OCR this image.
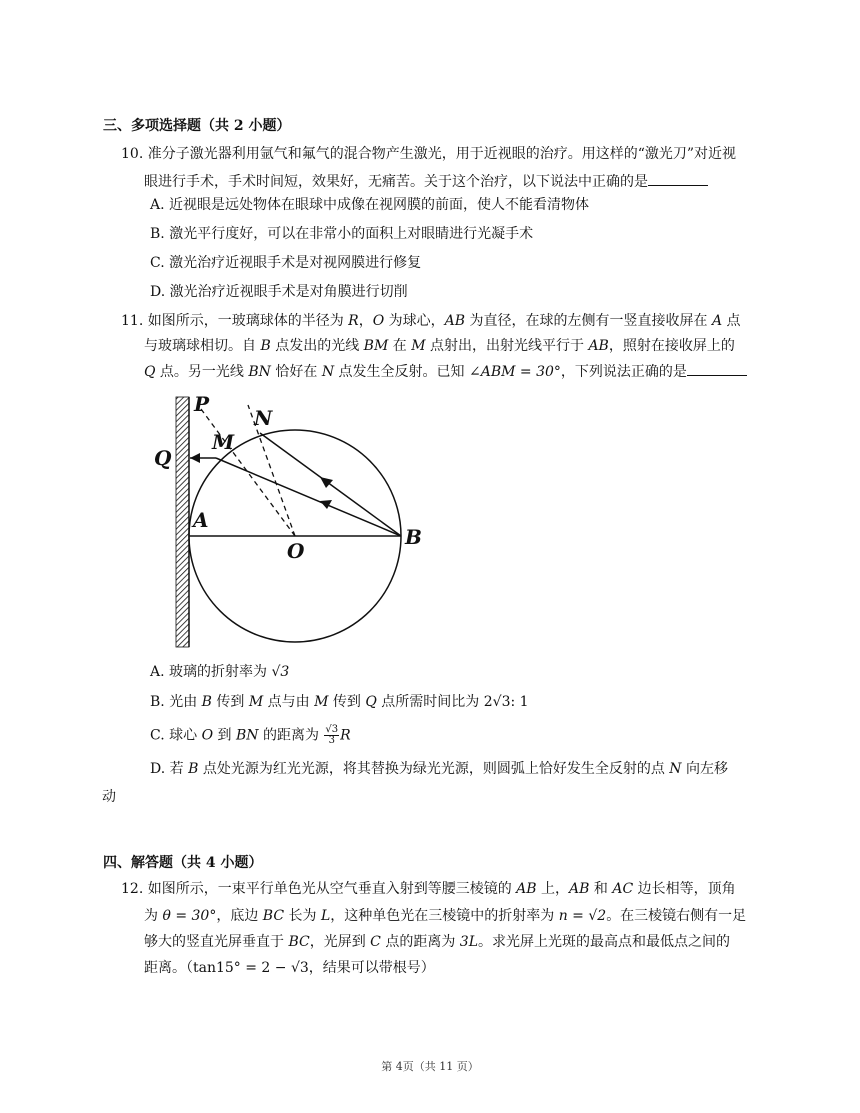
三、多项选择题（共 2 小题）
10. 准分子激光器利用氩气和氟气的混合物产生激光，用于近视眼的治疗。用这样的“激光刀”对近视
眼进行手术，手术时间短，效果好，无痛苦。关于这个治疗，以下说法中正确的是
A. 近视眼是远处物体在眼球中成像在视网膜的前面，使人不能看清物体
B. 激光平行度好，可以在非常小的面积上对眼睛进行光凝手术
C. 激光治疗近视眼手术是对视网膜进行修复
D. 激光治疗近视眼手术是对角膜进行切削
11. 如图所示，一玻璃球体的半径为 R，O 为球心，AB 为直径，在球的左侧有一竖直接收屏在 A 点
与玻璃球相切。自 B 点发出的光线 BM 在 M 点射出，出射光线平行于 AB，照射在接收屏上的
Q 点。另一光线 BN 恰好在 N 点发生全反射。已知 ∠ABM = 30°，下列说法正确的是
P
N
M
Q
A
O
B
A. 玻璃的折射率为 √3
B. 光由 B 传到 M 点与由 M 传到 Q 点所需时间比为 2√3: 1
C. 球心 O 到 BN 的距离为 $\frac{√3}{3}$ R
D. 若 B 点处光源为红光光源，将其替换为绿光光源，则圆弧上恰好发生全反射的点 N 向左移
动
四、解答题（共 4 小题）
12. 如图所示，一束平行单色光从空气垂直入射到等腰三棱镜的 AB 上，AB 和 AC 边长相等，顶角
为 θ = 30°，底边 BC 长为 L，这种单色光在三棱镜中的折射率为 n = √2。在三棱镜右侧有一足
够大的竖直光屏垂直于 BC，光屏到 C 点的距离为 3L。求光屏上光斑的最高点和最低点之间的
距离。（tan15° = 2 − √3，结果可以带根号）
第 4页（共 11 页）
